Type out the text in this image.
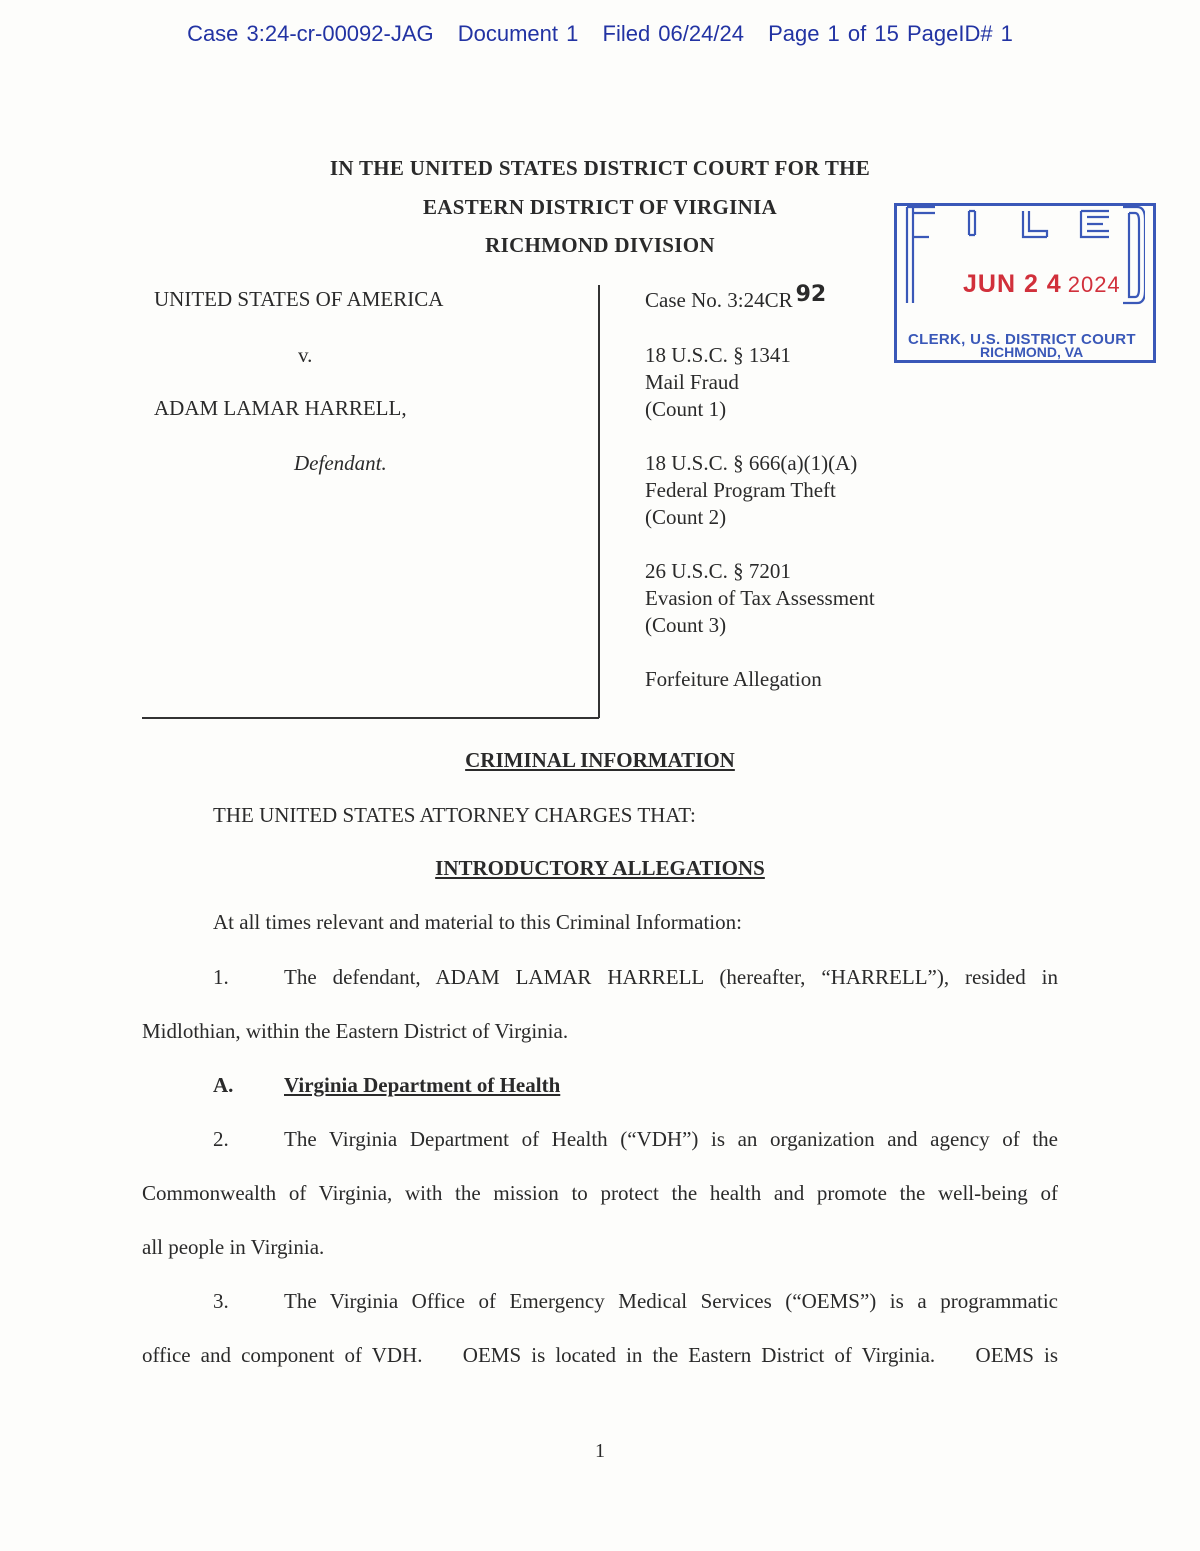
Case 3:24-cr-00092-JAG Document 1 Filed 06/24/24 Page 1 of 15 PageID# 1
IN THE UNITED STATES DISTRICT COURT FOR THE
EASTERN DISTRICT OF VIRGINIA
RICHMOND DIVISION
JUN 2 4 2024
CLERK, U.S. DISTRICT COURT
RICHMOND, VA
UNITED STATES OF AMERICA
v.
ADAM LAMAR HARRELL,
Defendant.
Case No. 3:24CR 92
18 U.S.C. § 1341
Mail Fraud
(Count 1)
18 U.S.C. § 666(a)(1)(A)
Federal Program Theft
(Count 2)
26 U.S.C. § 7201
Evasion of Tax Assessment
(Count 3)
Forfeiture Allegation
CRIMINAL INFORMATION
THE UNITED STATES ATTORNEY CHARGES THAT:
INTRODUCTORY ALLEGATIONS
At all times relevant and material to this Criminal Information:
1.	The defendant, ADAM LAMAR HARRELL (hereafter, “HARRELL”), resided in
Midlothian, within the Eastern District of Virginia.
A. Virginia Department of Health
2.	The Virginia Department of Health (“VDH”) is an organization and agency of the
Commonwealth of Virginia, with the mission to protect the health and promote the well-being of
all people in Virginia.
3.	The Virginia Office of Emergency Medical Services (“OEMS”) is a programmatic
office and component of VDH.    OEMS is located in the Eastern District of Virginia.    OEMS is
1
